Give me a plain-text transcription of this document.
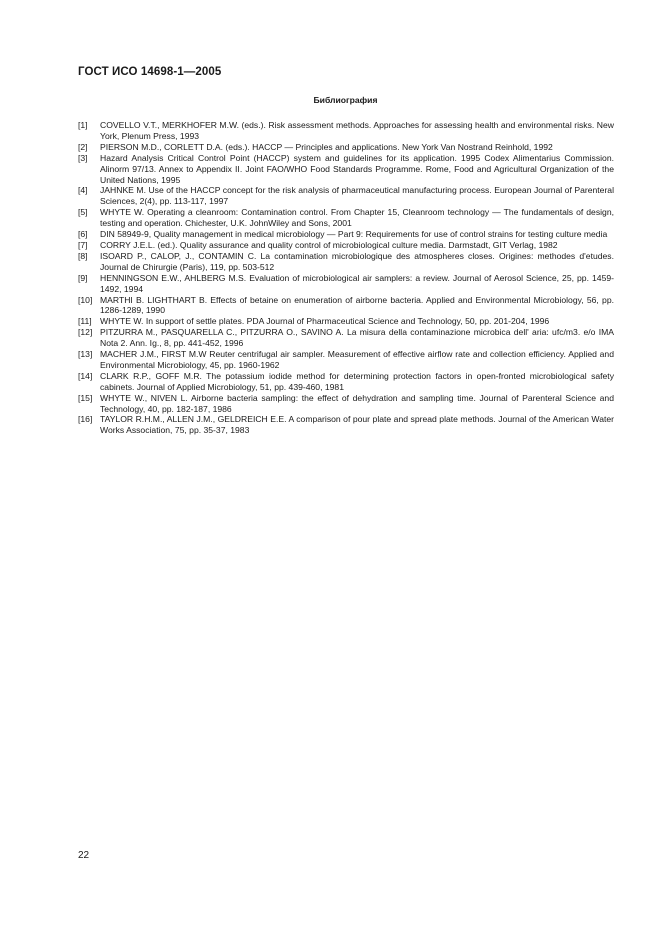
ГОСТ ИСО 14698-1—2005
Библиография
[1]	COVELLO V.T., MERKHOFER M.W. (eds.). Risk assessment methods. Approaches for assessing health and environmental risks. New York, Plenum Press, 1993
[2]	PIERSON M.D., CORLETT D.A. (eds.). HACCP — Principles and applications. New York Van Nostrand Reinhold, 1992
[3]	Hazard Analysis Critical Control Point (HACCP) system and guidelines for its application. 1995 Codex Alimentarius Commission. Alinorm 97/13. Annex to Appendix II. Joint FAO/WHO Food Standards Programme. Rome, Food and Agricultural Organization of the United Nations, 1995
[4]	JAHNKE M. Use of the HACCP concept for the risk analysis of pharmaceutical manufacturing process. European Journal of Parenteral Sciences, 2(4), pp. 113-117, 1997
[5]	WHYTE W. Operating a cleanroom: Contamination control. From Chapter 15, Cleanroom technology — The fundamentals of design, testing and operation. Chichester, U.K. JohnWiley and Sons, 2001
[6]	DIN 58949-9, Quality management in medical microbiology — Part 9: Requirements for use of control strains for testing culture media
[7]	CORRY J.E.L. (ed.). Quality assurance and quality control of microbiological culture media. Darmstadt, GIT Verlag, 1982
[8]	ISOARD P., CALOP, J., CONTAMIN C. La contamination microbiologique des atmospheres closes. Origines: methodes d'etudes. Journal de Chirurgie (Paris), 119, pp. 503-512
[9]	HENNINGSON E.W., AHLBERG M.S. Evaluation of microbiological air samplers: a review. Journal of Aerosol Science, 25, pp. 1459-1492, 1994
[10] MARTHI B. LIGHTHART B. Effects of betaine on enumeration of airborne bacteria. Applied and Environmental Microbiology, 56, pp. 1286-1289, 1990
[11] WHYTE W. In support of settle plates. PDA Journal of Pharmaceutical Science and Technology, 50, pp. 201-204, 1996
[12] PITZURRA M., PASQUARELLA C., PITZURRA O., SAVINO A. La misura della contaminazione microbica dell' aria: ufc/m3. e/o IMA Nota 2. Ann. Ig., 8, pp. 441-452, 1996
[13] MACHER J.M., FIRST M.W Reuter centrifugal air sampler. Measurement of effective airflow rate and collection efficiency. Applied and Environmental Microbiology, 45, pp. 1960-1962
[14] CLARK R.P., GOFF M.R. The potassium iodide method for determining protection factors in open-fronted microbiological safety cabinets. Journal of Applied Microbiology, 51, pp. 439-460, 1981
[15] WHYTE W., NIVEN L. Airborne bacteria sampling: the effect of dehydration and sampling time. Journal of Parenteral Science and Technology, 40, pp. 182-187, 1986
[16] TAYLOR R.H.M., ALLEN J.M., GELDREICH E.E. A comparison of pour plate and spread plate methods. Journal of the American Water Works Association, 75, pp. 35-37, 1983
22
